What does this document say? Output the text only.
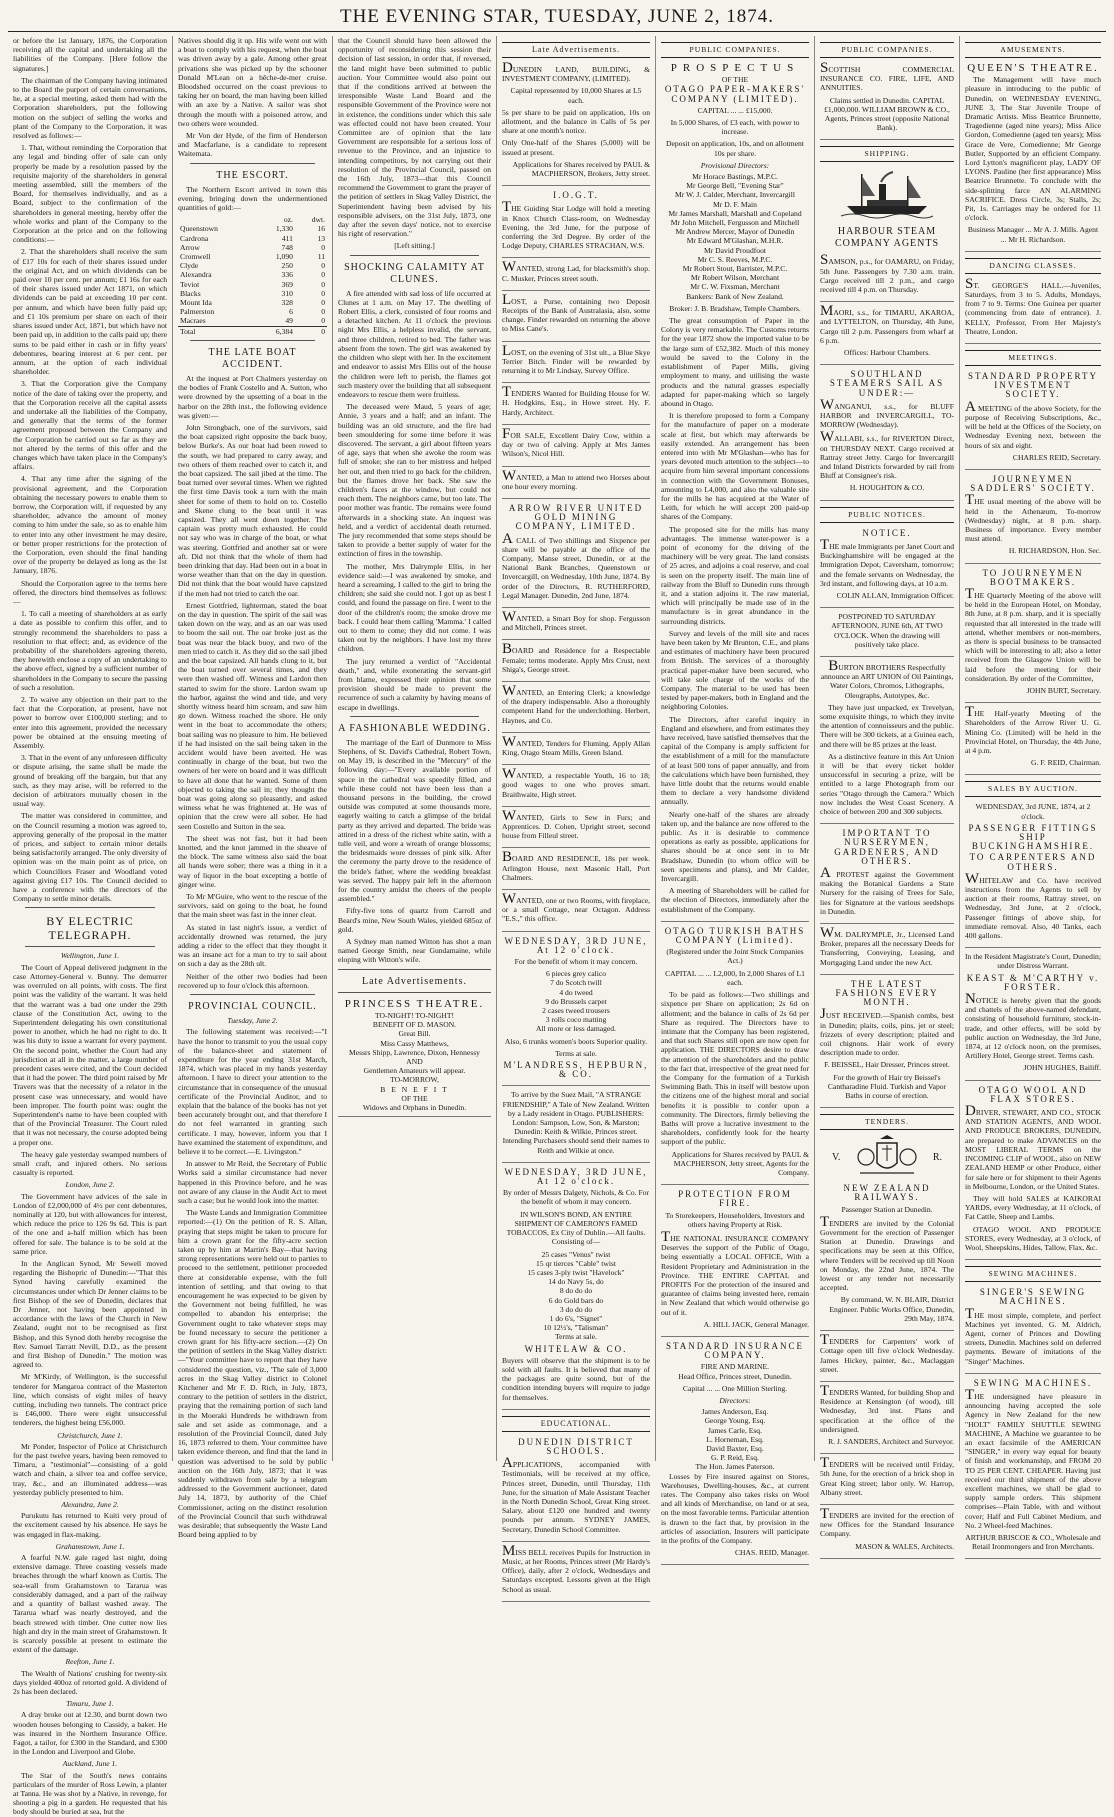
THE EVENING STAR, TUESDAY, JUNE 2, 1874.

or before the 1st January, 1876, the Corporation receiving all the capital and undertaking all the liabilities of the Company. [Here follow the signatures.]

The chairman of the Company having intimated to the Board the purport of certain conversations, he, at a special meeting, asked them had with the Corporation shareholders, put the following motion on the subject of selling the works and plant of the Company to the Corporation, it was resolved as follows:—

1. That, without reminding the Corporation that any legal and binding offer of sale can only properly be made by a resolution passed by the requisite majority of the shareholders in general meeting assembled, still the members of the Board, for themselves individually, and as a Board, subject to the confirmation of the shareholders in general meeting, hereby offer the whole works and plant of the Company to the Corporation at the price and on the following conditions:—

2. That the shareholders shall receive the sum of £17 10s for each of their shares issued under the original Act, and on which dividends can be paid over 10 per cent. per annum; £1 16s for each of their shares issued under Act 1871, on which dividends can be paid at exceeding 10 per cent. per annum, and which have been fully paid up; and £1 10s premium per share on each of their shares issued under Act, 1871, but which have not been paid up, in addition to the calls paid up; there sums to be paid either in cash or in fifty years' debentures, bearing interest at 6 per cent. per annum, at the option of each individual shareholder.

3. That the Corporation give the Company notice of the date of taking over the property, and that the Corporation receive all the capital assets and undertake all the liabilities of the Company, and generally that the terms of the former agreement proposed between the Company and the Corporation be carried out so far as they are not altered by the terms of this offer and the changes which have taken place in the Company's affairs.

4. That any time after the signing of the provisional agreement, and the Corporation obtaining the necessary powers to enable them to borrow, the Corporation will, if requested by any shareholder, advance the amount of money coming to him under the sale, so as to enable him to enter into any other investment he may desire, or better proper restrictions for the protection of the Corporation, even should the final handing over of the property be delayed as long as the 1st January, 1876.

Should the Corporation agree to the terms here offered, the directors bind themselves as follows:—

1. To call a meeting of shareholders at as early a date as possible to confirm this offer, and to strongly recommend the shareholders to pass a resolution to that effect; and, as evidence of the probability of the shareholders agreeing thereto, they herewith enclose a copy of an undertaking to the above effect, signed by a sufficient number of shareholders in the Company to secure the passing of such a resolution.

2. To waive any objection on their part to the fact that the Corporation, at present, have not power to borrow over £100,000 sterling; and to enter into this agreement, provided the necessary power be obtained at the ensuing meeting of Assembly.

3. That in the event of any unforeseen difficulty or dispute arising, the same shall be made the ground of breaking off the bargain, but that any such, as they may arise, will be referred to the decision of arbitrators mutually chosen in the usual way.

The matter was considered in committee, and on the Council resuming a motion was agreed to, approving generally of the proposal in the matter of prices, and subject to certain minor details being satisfactorily arranged. The only diversity of opinion was on the main point as of price, on which Councillors Fraser and Woodland voted against giving £17 10s. The Council decided to have a conference with the directors of the Company to settle minor details.

BY ELECTRIC TELEGRAPH.
Wellington, June 1.

The Court of Appeal delivered judgment in the case Attorney-General v. Bunny. The demurrer was overruled on all points, with costs. The first point was the validity of the warrant. It was held that the warrant was a bad one under the 29th clause of the Constitution Act, owing to the Superintendent delegating his own constitutional power to another, which he had no right to do. It was his duty to issue a warrant for every payment. On the second point, whether the Court had any jurisdiction at all in the matter, a large number of precedent cases were cited, and the Court decided that it had the power. The third point raised by Mr Travers was that the necessity of a relator in the present case was unnecessary, and would have been improper. The fourth point was: ought the Superintendent's name to have been coupled with that of the Provincial Treasurer. The Court ruled that it was not necessary, the course adopted being a proper one.

The heavy gale yesterday swamped numbers of small craft, and injured others. No serious casualty is reported.

London, June 2.

The Government have advices of the sale in London of £2,000,000 of 4½ per cent debentures, nominally at 120, but with allowances for interest, which reduce the price to 126 9s 6d. This is part of the one and a-half million which has been offered for sale. The balance is to be sold at the same price.

In the Anglican Synod, Mr Sewell moved regarding the Bishopric of Dunedin:—"That this Synod having carefully examined the circumstances under which Dr Jenner claims to be first Bishop of the see of Dunedin, declares that Dr Jenner, not having been appointed in accordance with the laws of the Church in New Zealand, ought not to be recognised as first Bishop, and this Synod doth hereby recognise the Rev. Samuel Tarratt Nevill, D.D., as the present and first Bishop of Dunedin." The motion was agreed to.

Mr M'Kirdy, of Wellington, is the successful tenderer for Mangaroa contract of the Masterton line, which consists of eight miles of heavy cutting, including two tunnels. The contract price is £46,000. There were eight unsuccessful tenderers, the highest being £56,000.

Christchurch, June 1.

Mr Ponder, Inspector of Police at Christchurch for the past twelve years, having been removed to Timaru, a "testimonial"—consisting of a gold watch and chain, a silver tea and coffee service, tray, &c., and an illuminated address—was yesterday publicly presented to him.

Alexandra, June 2.

Purukutu has returned to Kuiti very proud of the excitement caused by his absence. He says he was engaged in flax-making.

Grahamstown, June 1.

A fearful N.W. gale raged last night, doing extensive damage. Three coasting vessels made breaches through the wharf known as Curtis. The sea-wall from Grahamstown to Tararua was considerably damaged, and a part of the railway and a quantity of ballast washed away. The Tararua wharf was nearly destroyed, and the beach strewed with timber. One cutter now lies high and dry in the main street of Grahamstown. It is scarcely possible at present to estimate the extent of the damage.

Reefton, June 1.

The Wealth of Nations' crushing for twenty-six days yielded 400oz of retorted gold. A dividend of 2s has been declared.

Timaru, June 1.

A dray broke out at 12.30, and burnt down two wooden houses belonging to Cassidy, a baker. He was insured in the Northern Insurance Office. Fagot, a tailor, for £300 in the Standard, and £300 in the London and Liverpool and Globe.

Auckland, June 1.

The Star of the South's news contains particulars of the murder of Ross Lewin, a planter at Tanna. He was shot by a Native, in revenge, for shooting a pig in a garden. He requested that his body should be buried at sea, but the

Natives should dig it up. His wife went out with a boat to comply with his request, when the boat was driven away by a gale. Among other great privations she was picked up by the schooner Donald M'Lean on a bêche-de-mer cruise. Bloodshed occurred on the coast previous to taking her on board, the man having been killed with an axe by a Native. A sailor was shot through the mouth with a poisoned arrow, and two others were wounded.

Mr Von der Hyde, of the firm of Henderson and Macfarlane, is a candidate to represent Waitemata.

THE ESCORT.

The Northern Escort arrived in town this evening, bringing down the undermentioned quantities of gold:—

	oz.	dwt.
Queenstown	1,330	16
Cardrona	411	13
Arrow	748	0
Cromwell	1,090	11
Clyde	250	0
Alexandra	336	0
Teviot	369	0
Blacks	310	0
Mount Ida	328	0
Palmerston	6	0
Macraes	49	0
Total	6,384	0
THE LATE BOAT ACCIDENT.

At the inquest at Port Chalmers yesterday on the bodies of Frank Costello and A. Sutton, who were drowned by the upsetting of a boat in the harbor on the 28th inst., the following evidence was given:—

John Strongbach, one of the survivors, said the boat capsized right opposite the back buoy, below Burke's. As our boat had been rowed to the south, we had prepared to carry away, and two others of them reached over to catch it, and the boat capsized. The sail jibed at the time. The boat turned over several times. When we righted the first time Davis took a turn with the main sheet for some of them to hold on to. Costello and Skene clung to the boat until it was capsized. They all went down together. The captain was pretty much exhausted. He could not say who was in charge of the boat, or what was steering. Gottfried and another sat or were aft. Did not think that the whole of them had been drinking that day. Had been out in a boat in worse weather than that on the day in question. Did not think that the boat would have capsized if the men had not tried to catch the oar.

Ernest Gottfried, lighterman, stated the boat on the day in question. The spirit of the sail was taken down on the way, and as an oar was used to boom the sail out. The oar broke just as the boat was near the black buoy, and two of the men tried to catch it. As they did so the sail jibed and the boat capsized. All hands clung to it, but the boat turned over several times, and they were then washed off. Witness and Lardon then started to swim for the shore. Lardon swam up the harbor, against the wind and tide, and very shortly witness heard him scream, and saw him go down. Witness reached the shore. He only went in the boat to accommodate the others; boat sailing was no pleasure to him. He believed if he had insisted on the sail being taken in the accident would have been averted. He was continually in charge of the boat, but two the owners of her were on board and it was difficult to have all done that he wanted. Some of them objected to taking the sail in; they thought the boat was going along so pleasantly, and asked witness what he was frightened at. He was of opinion that the crew were all sober. He had seen Costello and Sutton in the sea.

The sheet was not fast, but it had been knotted, and the knot jammed in the sheave of the block. The same witness also said the boat all hands were sober; there was a thing in it a way of liquor in the boat excepting a bottle of ginger wine.

To Mr M'Guire, who went to the rescue of the survivors, said on going to the boat, he found that the main sheet was fast in the inner cleat.

As stated in last night's issue, a verdict of accidentally drowned was returned, the jury adding a rider to the effect that they thought it was an insane act for a man to try to sail about on such a day as the 28th ult.

Neither of the other two bodies had been recovered up to four o'clock this afternoon.

PROVINCIAL COUNCIL.
Tuesday, June 2.

The following statement was received:—"I have the honor to transmit to you the usual copy of the balance-sheet and statement of expenditure for the year ending 31st March, 1874, which was placed in my hands yesterday afternoon. I have to direct your attention to the circumstance that in consequence of the unusual certificate of the Provincial Auditor, and to explain that the balance of the books has not yet been accurately brought out, and that therefore I do not feel warranted in granting such certificate. I may, however, inform you that I have examined the statement of expenditure, and believe it to be correct.—E. Livingston."

In answer to Mr Reid, the Secretary of Public Works said a similar circumstance had never happened in this Province before, and he was not aware of any clause in the Audit Act to meet such a case; but he would look into the matter.

The Waste Lands and Immigration Committee reported:—(1) On the petition of R. S. Allan, praying that steps might be taken to procure for him a crown grant for the fifty-acre section taken up by him at Martin's Bay—that having strong representations were held out to parties to proceed to the settlement, petitioner proceeded there at considerable expense, with the full intention of settling, and that owing to that encouragement he was expected to be given by the Government not being fulfilled, he was compelled to abandon his enterprise; the Government ought to take whatever steps may be found necessary to secure the petitioner a crown grant for his fifty-acre section.—(2) On the petition of settlers in the Skag Valley district:—"Your committee have to report that they have considered the question, viz., 'The sale of 3,000 acres in the Skag Valley district to Colonel Kitchener and Mr F. D. Rich, in July, 1873, contrary to the petition of settlers in the district, praying that the remaining portion of such land in the Moeraki Hundreds be withdrawn from sale and set aside as commonage, and a resolution of the Provincial Council, dated July 16, 1873 referred to them. Your committee have taken evidence thereon, and find that the land in question was advertised to be sold by public auction on the 16th July, 1873; that it was suddenly withdrawn from sale by a telegram addressed to the Government auctioneer, dated July 14, 1873, by authority of the Chief Commissioner, acting on the distinct resolution of the Provincial Council that such withdrawal was desirable; that subsequently the Waste Land Board being applied to by

that the Council should have been allowed the opportunity of reconsidering this session their decision of last session, in order that, if reversed, the land might have been submitted to public auction. Your Committee would also point out that if the conditions arrived at between the irresponsible Waste Land Board and the responsible Government of the Province were not in existence, the conditions under which this sale was effected could not have been created. Your Committee are of opinion that the late Government are responsible for a serious loss of revenue to the Province, and an injustice to intending competitors, by not carrying out their resolution of the Provincial Council, passed on the 16th July, 1873—that this Council recommend the Government to grant the prayer of the petition of settlers in Skag Valley District, the Superintendent having been advised by his responsible advisers, on the 31st July, 1873, one day after the seven days' notice, not to exercise his right of reservation."

[Left sitting.]

SHOCKING CALAMITY AT CLUNES.

A fire attended with sad loss of life occurred at Clunes at 1 a.m. on May 17. The dwelling of Robert Ellis, a clerk, consisted of four rooms and a detached kitchen. At 11 o'clock the previous night Mrs Ellis, a helpless invalid, the servant, and three children, retired to bed. The father was absent from the town. The girl was awakened by the children who slept with her. In the excitement and endeavor to assist Mrs Ellis out of the house the children were left to perish, the flames got such mastery over the building that all subsequent endeavors to rescue them were fruitless.

The deceased were Maud, 5 years of age; Annie, 3 years and a half; and an infant. The building was an old structure, and the fire had been smouldering for some time before it was discovered. The servant, a girl about fifteen years of age, says that when she awoke the room was full of smoke; she ran to her mistress and helped her out, and then tried to go back for the children, but the flames drove her back. She saw the children's faces at the window, but could not reach them. The neighbors came, but too late. The poor mother was frantic. The remains were found afterwards in a shocking state. An inquest was held, and a verdict of accidental death returned. The jury recommended that some steps should be taken to provide a better supply of water for the extinction of fires in the township.

The mother, Mrs Dalrymple Ellis, in her evidence said:—I was awakened by smoke, and heard a screaming, I called to the girl to bring the children; she said she could not. I got up as best I could, and found the passage on fire. I went to the door of the children's room; the smoke drove me back. I could hear them calling 'Mamma.' I called out to them to come; they did not come. I was taken out by the neighbors. I have lost my three children.

The jury returned a verdict of "Accidental death," and, while exonerating the servant-girl from blame, expressed their opinion that some provision should be made to prevent the recurrence of such a calamity by having means of escape in dwellings.

A FASHIONABLE WEDDING.

The marriage of the Earl of Dunmore to Miss Stephens, of St. David's Cathedral, Robert Town, on May 19, is described in the "Mercury" of the following day:—"Every available portion of space in the cathedral was speedily filled, and while these could not have been less than a thousand persons in the building, the crowd outside was computed at some thousands more, eagerly waiting to catch a glimpse of the bridal party as they arrived and departed. The bride was attired in a dress of the richest white satin, with a tulle veil, and wore a wreath of orange blossoms; the bridesmaids wore dresses of pink silk. After the ceremony the party drove to the residence of the bride's father, where the wedding breakfast was served. The happy pair left in the afternoon for the country amidst the cheers of the people assembled."

Fifty-five tons of quartz from Carroll and Beard's mine, New South Wales, yielded 685oz of gold.

A Sydney man named Witton has shot a man named George Smith, near Gundamaine, while eloping with Witton's wife.

Late Advertisements.
PRINCESS THEATRE.
TO-NIGHT! TO-NIGHT!
BENEFIT OF D. MASON.
Great Bill.
Miss Cassy Matthews,
Messrs Shipp, Lawrence, Dixon, Hennessy
AND
Gentlemen Amateurs will appear.
TO-MORROW,
B E N E F I T
OF THE
Widows and Orphans in Dunedin.
Late Advertisements.

DUNEDIN LAND, BUILDING, & INVESTMENT COMPANY, (LIMITED).

Capital represented by 10,000 Shares at L5 each.

5s per share to be paid on application, 10s on allotment, and the balance in Calls of 5s per share at one month's notice.

Only One-half of the Shares (5,000) will be issued at present.

Applications for Shares received by PAUL & MACPHERSON, Brokers, Jetty street.

I.O.G.T.

THE Guiding Star Lodge will hold a meeting in Knox Church Class-room, on Wednesday Evening, the 3rd June, for the purpose of conferring the 3rd Degree. By order of the Lodge Deputy, CHARLES STRACHAN, W.S.

WANTED, strong Lad, for blacksmith's shop. C. Musker, Princes street south.

LOST, a Purse, containing two Deposit Receipts of the Bank of Australasia, also, some change. Finder rewarded on returning the above to Miss Cane's.

LOST, on the evening of 31st ult., a Blue Skye Terrier Bitch. Finder will be rewarded by returning it to Mr Lindsay, Survey Office.

TENDERS Wanted for Building House for W. H. Hodgkins, Esq., in Howe street. Hy. F. Hardy, Architect.

FOR SALE, Excellent Dairy Cow, within a day or two of calving. Apply at Mrs James Wilson's, Nicol Hill.

WANTED, a Man to attend two Horses about one hour every morning.

ARROW RIVER UNITED GOLD MINING COMPANY, LIMITED.

A CALL of Two shillings and Sixpence per share will be payable at the office of the Company, Manse street, Dunedin, or at the National Bank Branches, Queenstown or Invercargill, on Wednesday, 10th June, 1874. By order of the Directors, R. RUTHERFORD, Legal Manager. Dunedin, 2nd June, 1874.

WANTED, a Smart Boy for shop. Fergusson and Mitchell, Princes street.

BOARD and Residence for a Respectable Female; terms moderate. Apply Mrs Crust, next Shiga's, George street.

WANTED, an Entering Clerk; a knowledge of the drapery indispensable. Also a thoroughly competent Hand for the underclothing. Herbert, Haynes, and Co.

WANTED, Tenders for Fluming. Apply Allan King, Otago Steam Mills, Green Island.

WANTED, a respectable Youth, 16 to 18; good wages to one who proves smart. Braithwaite, High street.

WANTED, Girls to Sew in Furs; and Apprentices. D. Cohen, Upright street, second house from Filleul street.

BOARD AND RESIDENCE, 18s per week. Arlington House, next Masonic Hall, Port Chalmers.

WANTED, one or two Rooms, with fireplace, or a small Cottage, near Octagon. Address "E.S.," this office.

WEDNESDAY, 3RD JUNE, At 12 o'clock.

For the benefit of whom it may concern.

6 pieces grey calico
7 do Scotch twill
4 do tweed
9 do Brussels carpet
2 cases tweed trousers
3 rolls coco matting

All more or less damaged.

Also, 6 trunks women's boots Superior quality.

Terms at sale.

M'LANDRESS, HEPBURN, & CO.

To arrive by the Suez Mail, "A STRANGE FRIENDSHIP," A Tale of New Zealand. Written by a Lady resident in Otago. PUBLISHERS: London: Sampson, Low, Son, & Marston; Dunedin: Keith & Wilkie, Princes street. Intending Purchasers should send their names to Reith and Wilkie at once.

WEDNESDAY, 3RD JUNE, At 12 o'clock.

By order of Messrs Dalgety, Nichols, & Co. For the benefit of whom it may concern.

IN WILSON'S BOND, AN ENTIRE SHIPMENT OF CAMERON'S FAMED TOBACCOS, Ex City of Dublin.—All faults. Consisting of—

25 cases "Venus" twist
15 qr tierces "Cable" twist
15 cases 3-ply twist "Havelock"
14 do Navy 5s, do
8 do do do
6 do Gold bars do
3 do do do
1 do 6's, "Signet"
10 12½'s, "Talisman"

Terms at sale.

WHITELAW & CO.

Buyers will observe that the shipment is to be sold with all faults. It is believed that many of the packages are quite sound, but of the condition intending buyers will require to judge for themselves.

EDUCATIONAL.
DUNEDIN DISTRICT SCHOOLS.

APPLICATIONS, accompanied with Testimonials, will be received at my office, Princes street, Dunedin, until Thursday, 11th June, for the situation of Male Assistant Teacher in the North Dunedin School, Great King street. Salary, about £120 one hundred and twenty pounds per annum. SYDNEY JAMES, Secretary, Dunedin School Committee.

MISS BELL receives Pupils for Instruction in Music, at her Rooms, Princes street (Mr Hardy's Office), daily, after 2 o'clock, Wednesdays and Saturdays excepted. Lessons given at the High School as usual.

PUBLIC COMPANIES.
PROSPECTUS
OF THE
OTAGO PAPER-MAKERS' COMPANY (LIMITED).

CAPITAL ... ... £15,000.

In 5,000 Shares, of £3 each, with power to increase.

Deposit on application, 10s, and on allotment 10s per share.

Provisional Directors:
Mr Horace Bastings, M.P.C.
Mr George Bell, "Evening Star"
Mr W. J. Calder, Merchant, Invercargill
Mr D. F. Main
Mr James Marshall, Marshall and Copeland
Mr John Mitchell, Fergusson and Mitchell
Mr Andrew Mercer, Mayor of Dunedin
Mr Edward M'Glashan, M.H.R.
Mr David Proudfoot
Mr C. S. Reeves, M.P.C.
Mr Robert Stout, Barrister, M.P.C.
Mr Robert Wilson, Merchant
Mr C. W. Fixsman, Merchant

Bankers: Bank of New Zealand.

Broker: J. B. Bradshaw, Temple Chambers.

The great consumption of Paper in the Colony is very remarkable. The Customs returns for the year 1872 show the imported value to be the large sum of £52,382. Much of this money would be saved to the Colony in the establishment of Paper Mills, giving employment to many, and utilising the waste products and the natural grasses especially adapted for paper-making which so largely abound in Otago.

It is therefore proposed to form a Company for the manufacture of paper on a moderate scale at first, but which may afterwards be easily extended. An arrangement has been entered into with Mr M'Glashan—who has for years devoted much attention to the subject—to acquire from him several important concessions in connection with the Government Bonuses, amounting to L4,000, and also the valuable site for the mills he has acquired at the Water of Leith, for which he will accept 200 paid-up shares of the Company.

The proposed site for the mills has many advantages. The immense water-power is a point of economy for the driving of the machinery will be very great. The land consists of 25 acres, and adjoins a coal reserve, and coal is seen on the property itself. The main line of railway from the Bluff to Dunedin runs through it, and a station adjoins it. The raw material, which will principally be made use of in the manufacture is in great abundance in the surrounding districts.

Survey and levels of the mill site and races have been taken by Mr Brunton, C.E., and plans and estimates of machinery have been procured from British. The services of a thoroughly practical paper-maker have been secured, who will take sole charge of the works of the Company. The material to be used has been tested by paper-makers, both in England and the neighboring Colonies.

The Directors, after careful inquiry in England and elsewhere, and from estimates they have received, have satisfied themselves that the capital of the Company is amply sufficient for the establishment of a mill for the manufacture of at least 500 tons of paper annually, and from the calculations which have been furnished, they have little doubt that the returns would enable them to declare a very handsome dividend annually.

Nearly one-half of the shares are already taken up, and the balance are now offered to the public. As it is desirable to commence operations as early as possible, applications for shares should be at once sent in to Mr Bradshaw, Dunedin (to whom office will be seen specimens and plans), and Mr Calder, Invercargill.

A meeting of Shareholders will be called for the election of Directors, immediately after the establishment of the Company.

OTAGO TURKISH BATHS COMPANY (Limited).

(Registered under the Joint Stock Companies Act.)

CAPITAL ... ... L2,000, In 2,000 Shares of L1 each.

To be paid as follows:—Two shillings and sixpence per Share on application; 2s 6d on allotment; and the balance in calls of 2s 6d per Share as required. The Directors have to intimate that the Company has been registered, and that such Shares still open are now open for application. THE DIRECTORS desire to draw the attention of the shareholders and the public to the fact that, irrespective of the great need for the Company for the formation of a Turkish Swimming Bath. This in itself will bestow upon the citizens one of the highest moral and social benefits it is possible to confer upon a community. The Directors, firmly believing the Baths will prove a lucrative investment to the shareholders, confidently look for the hearty support of the public.

Applications for Shares received by PAUL & MACPHERSON, Jetty street, Agents for the Company.

PROTECTION FROM FIRE.

To Storekeepers, Householders, Investors and others having Property at Risk.

THE NATIONAL INSURANCE COMPANY Deserves the support of the Public of Otago, being essentially a LOCAL OFFICE, With a Resident Proprietary and Administration in the Province. THE ENTIRE CAPITAL and PROFITS For the protection of the insured and guarantee of claims being invested here, remain in New Zealand that which would otherwise go out of it.

A. HILL JACK, General Manager.

STANDARD INSURANCE COMPANY.
FIRE AND MARINE.

Head Office, Princes street, Dunedin.

Capital ... ... One Million Sterling.

Directors:
James Anderson, Esq.
George Young, Esq.
James Carle, Esq.
L. Horneman, Esq.
David Baxter, Esq.
G. P. Reid, Esq.
The Hon. James Paterson.

Losses by Fire insured against on Stores, Warehouses, Dwelling-houses, &c., at current rates. The Company also takes risks on Wool and all kinds of Merchandise, on land or at sea, on the most favorable terms. Particular attention is drawn to the fact that, by provision in the articles of association, Insurers will participate in the profits of the Company.

CHAS. REID, Manager.

PUBLIC COMPANIES.

SCOTTISH COMMERCIAL INSURANCE CO. FIRE, LIFE, AND ANNUITIES.

Claims settled in Dunedin. CAPITAL £1,000,000. WILLIAM BROWN & CO., Agents, Princes street (opposite National Bank).

SHIPPING.
HARBOUR STEAM COMPANY AGENTS

SAMSON, p.s., for OAMARU, on Friday, 5th June. Passengers by 7.30 a.m. train. Cargo received till 2 p.m., and cargo received till 4 p.m. on Thursday.

MAORI, s.s., for TIMARU, AKAROA, and LYTTELTON, on Thursday, 4th June, Cargo till 2 p.m. Passengers from wharf at 6 p.m.

Offices: Harbour Chambers.

SOUTHLAND STEAMERS SAIL AS UNDER:—

WANGANUI, s.s., for BLUFF HARBOR and INVERCARGILL, TO-MORROW (Wednesday).

WALLABI, s.s., for RIVERTON Direct, on THURSDAY NEXT. Cargo received at Rattray street Jetty. Cargo for Invercargill and Inland Districts forwarded by rail from Bluff at Consignee's risk.

H. HOUGHTON & CO.

PUBLIC NOTICES.
NOTICE.

THE male Immigrants per Janet Court and Buckinghamshire will be engaged at the Immigration Depot, Caversham, tomorrow; and the female servants on Wednesday, the 3rd instant, and following days, at 10 a.m.

COLIN ALLAN, Immigration Officer.

POSTPONED TO SATURDAY AFTERNOON, JUNE 6th, AT TWO O'CLOCK. When the drawing will positively take place.

BURTON BROTHERS Respectfully announce an ART UNION of Oil Paintings, Water Colors, Chromos, Lithographs, Oleographs, Autotypes, &c.

They have just unpacked, ex Trevelyan, some exquisite things, to which they invite the attention of connoisseurs and the public. There will be 300 tickets, at a Guinea each, and there will be 85 prizes at the least.

As a distinctive feature in this Art Union it will be that every ticket holder unsuccessful in securing a prize, will be entitled to a large Photograph from our series "Otago through the Camera." Which now includes the West Coast Scenery. A choice of between 200 and 300 subjects.

IMPORTANT TO NURSERYMEN, GARDENERS, AND OTHERS.

A PROTEST against the Government making the Botanical Gardens a State Nursery for the raising of Trees for Sale, lies for Signature at the various seedshops in Dunedin.

WM. DALRYMPLE, Jr., Licensed Land Broker, prepares all the necessary Deeds for Transferring, Conveying, Leasing, and Mortgaging Land under the new Act.

THE LATEST FASHIONS EVERY MONTH.

JUST RECEIVED.—Spanish combs, best in Dunedin; plaits, coils, pins, jet or steel; frizzets of every description; plaited and coil chignons. Hair work of every description made to order.

F. BEISSEL, Hair Dresser, Princes street.

For the growth of Hair try Beissel's Cantharadine Fluid. Turkish and Vapor Baths in course of erection.

TENDERS.
V.	R.
NEW ZEALAND RAILWAYS.

Passenger Station at Dunedin.

TENDERS are invited by the Colonial Government for the erection of Passenger Station at Dunedin. Drawings and specifications may be seen at this Office, where Tenders will be received up till Noon on Monday, the 22nd June, 1874. The lowest or any tender not necessarily accepted.

By command, W. N. BLAIR, District Engineer. Public Works Office, Dunedin, 29th May, 1874.

TENDERS for Carpenters' work of Cottage open till five o'clock Wednesday. James Hickey, painter, &c., Maclaggan street.

TENDERS Wanted, for building Shop and Residence at Kensington (of wood), till Wednesday, 3rd inst. Plans and specification at the office of the undersigned.

R. J. SANDERS, Architect and Surveyor.

TENDERS will be received until Friday, 5th June, for the erection of a brick shop in Great King street; labor only. W. Harrop, Albany street.

TENDERS are invited for the erection of new Offices for the Standard Insurance Company.

MASON & WALES, Architects.

AMUSEMENTS.
QUEEN'S THEATRE.

The Management will have much pleasure in introducing to the public of Dunedin, on WEDNESDAY EVENING, JUNE 3, The Star Juvenile Troupe of Dramatic Artists. Miss Beatrice Brunnette, Tragedienne (aged nine years); Miss Alice Gordon, Comedienne (aged ten years); Miss Grace de Vere, Comedienne; Mr George Butler, Supported by an efficient Company. Lord Lytton's magnificent play, LADY OF LYONS. Pauline (her first appearance) Miss Beatrice Brunnette. To conclude with the side-splitting farce AN ALARMING SACRIFICE. Dress Circle, 3s; Stalls, 2s; Pit, 1s. Carriages may be ordered for 11 o'clock.

Business Manager ... Mr A. J. Mills. Agent ... Mr H. Richardson.

DANCING CLASSES.

ST. GEORGE'S HALL.—Juveniles, Saturdays, from 3 to 5. Adults, Mondays, from 7 to 9. Terms: One Guinea per quarter (commencing from date of entrance). J. KELLY, Professor, From Her Majesty's Theatre, London.

MEETINGS.
STANDARD PROPERTY INVESTMENT SOCIETY.

A MEETING of the above Society, for the purpose of Receiving Subscriptions, &c., will be held at the Offices of the Society, on Wednesday Evening next, between the hours of six and eight.

CHARLES REID, Secretary.

JOURNEYMEN SADDLERS' SOCIETY.

THE usual meeting of the above will be held in the Athenæum, To-morrow (Wednesday) night, at 8 p.m. sharp. Business of importance. Every member must attend.

H. RICHARDSON, Hon. Sec.

TO JOURNEYMEN BOOTMAKERS.

THE Quarterly Meeting of the above will be held in the European Hotel, on Monday, 8th June, at 8 p.m. sharp, and it is specially requested that all interested in the trade will attend, whether members or non-members, as there is special business to be transacted which will be interesting to all; also a letter received from the Glasgow Union will be laid before the meeting for their consideration. By order of the Committee,

JOHN BURT, Secretary.

THE Half-yearly Meeting of the Shareholders of the Arrow River U. G. Mining Co. (Limited) will be held in the Provincial Hotel, on Thursday, the 4th June, at 4 p.m.

G. F. REID, Chairman.

SALES BY AUCTION.

WEDNESDAY, 3rd JUNE, 1874, at 2 o'clock.

PASSENGER FITTINGS SHIP BUCKINGHAMSHIRE.
TO CARPENTERS AND OTHERS.

WHITELAW and Co. have received instructions from the Agents to sell by auction at their rooms, Rattray street, on Wednesday, 3rd June, at 2 o'clock, Passenger fittings of above ship, for immediate removal. Also, 40 Tanks, each 400 gallons.

In the Resident Magistrate's Court, Dunedin; under Distress Warrant.

KEAST & M'CARTHY v. FORSTER.

NOTICE is hereby given that the goods and chattels of the above-named defendant, consisting of household furniture, stock-in-trade, and other effects, will be sold by public auction on Wednesday, the 3rd June, 1874, at 12 o'clock noon, on the premises, Artillery Hotel, George street. Terms cash.

JOHN HUGHES, Bailiff.

OTAGO WOOL AND FLAX STORES.

DRIVER, STEWART, AND CO., STOCK AND STATION AGENTS, AND WOOL AND PRODUCE BROKERS, DUNEDIN, are prepared to make ADVANCES on the MOST LIBERAL TERMS on the INCOMING CLIP of WOOL, also on NEW ZEALAND HEMP or other Produce, either for sale here or for shipment to their Agents in Melbourne, London, or the United States.

They will hold SALES at KAIKORAI YARDS, every Wednesday, at 11 o'clock, of Fat Cattle, Sheep and Lambs.

OTAGO WOOL AND PRODUCE STORES, every Wednesday, at 3 o'clock, of Wool, Sheepskins, Hides, Tallow, Flax, &c.

SEWING MACHINES.
SINGER'S SEWING MACHINES.

THE most simple, complete, and perfect Machines yet invented. G. M. Aldrich, Agent, corner of Princes and Dowling streets, Dunedin. Machines sold on deferred payments. Beware of imitations of the "Singer" Machines.

SEWING MACHINES.

THE undersigned have pleasure in announcing having accepted the sole Agency in New Zealand for the new "HOLT" FAMILY SHUTTLE SEWING MACHINE, A Machine we guarantee to be an exact facsimile of the AMERICAN "SINGER," in every way equal for beauty of finish and workmanship, and FROM 20 TO 25 PER CENT. CHEAPER. Having just received our third shipment of the above excellent machines, we shall be glad to supply sample orders. This shipment comprises—Plain Table, with and without cover; Half and Full Cabinet Medium, and No. 2 Wheel-feed Machines.

ARTHUR BRISCOE & CO., Wholesale and Retail Ironmongers and Iron Merchants.
